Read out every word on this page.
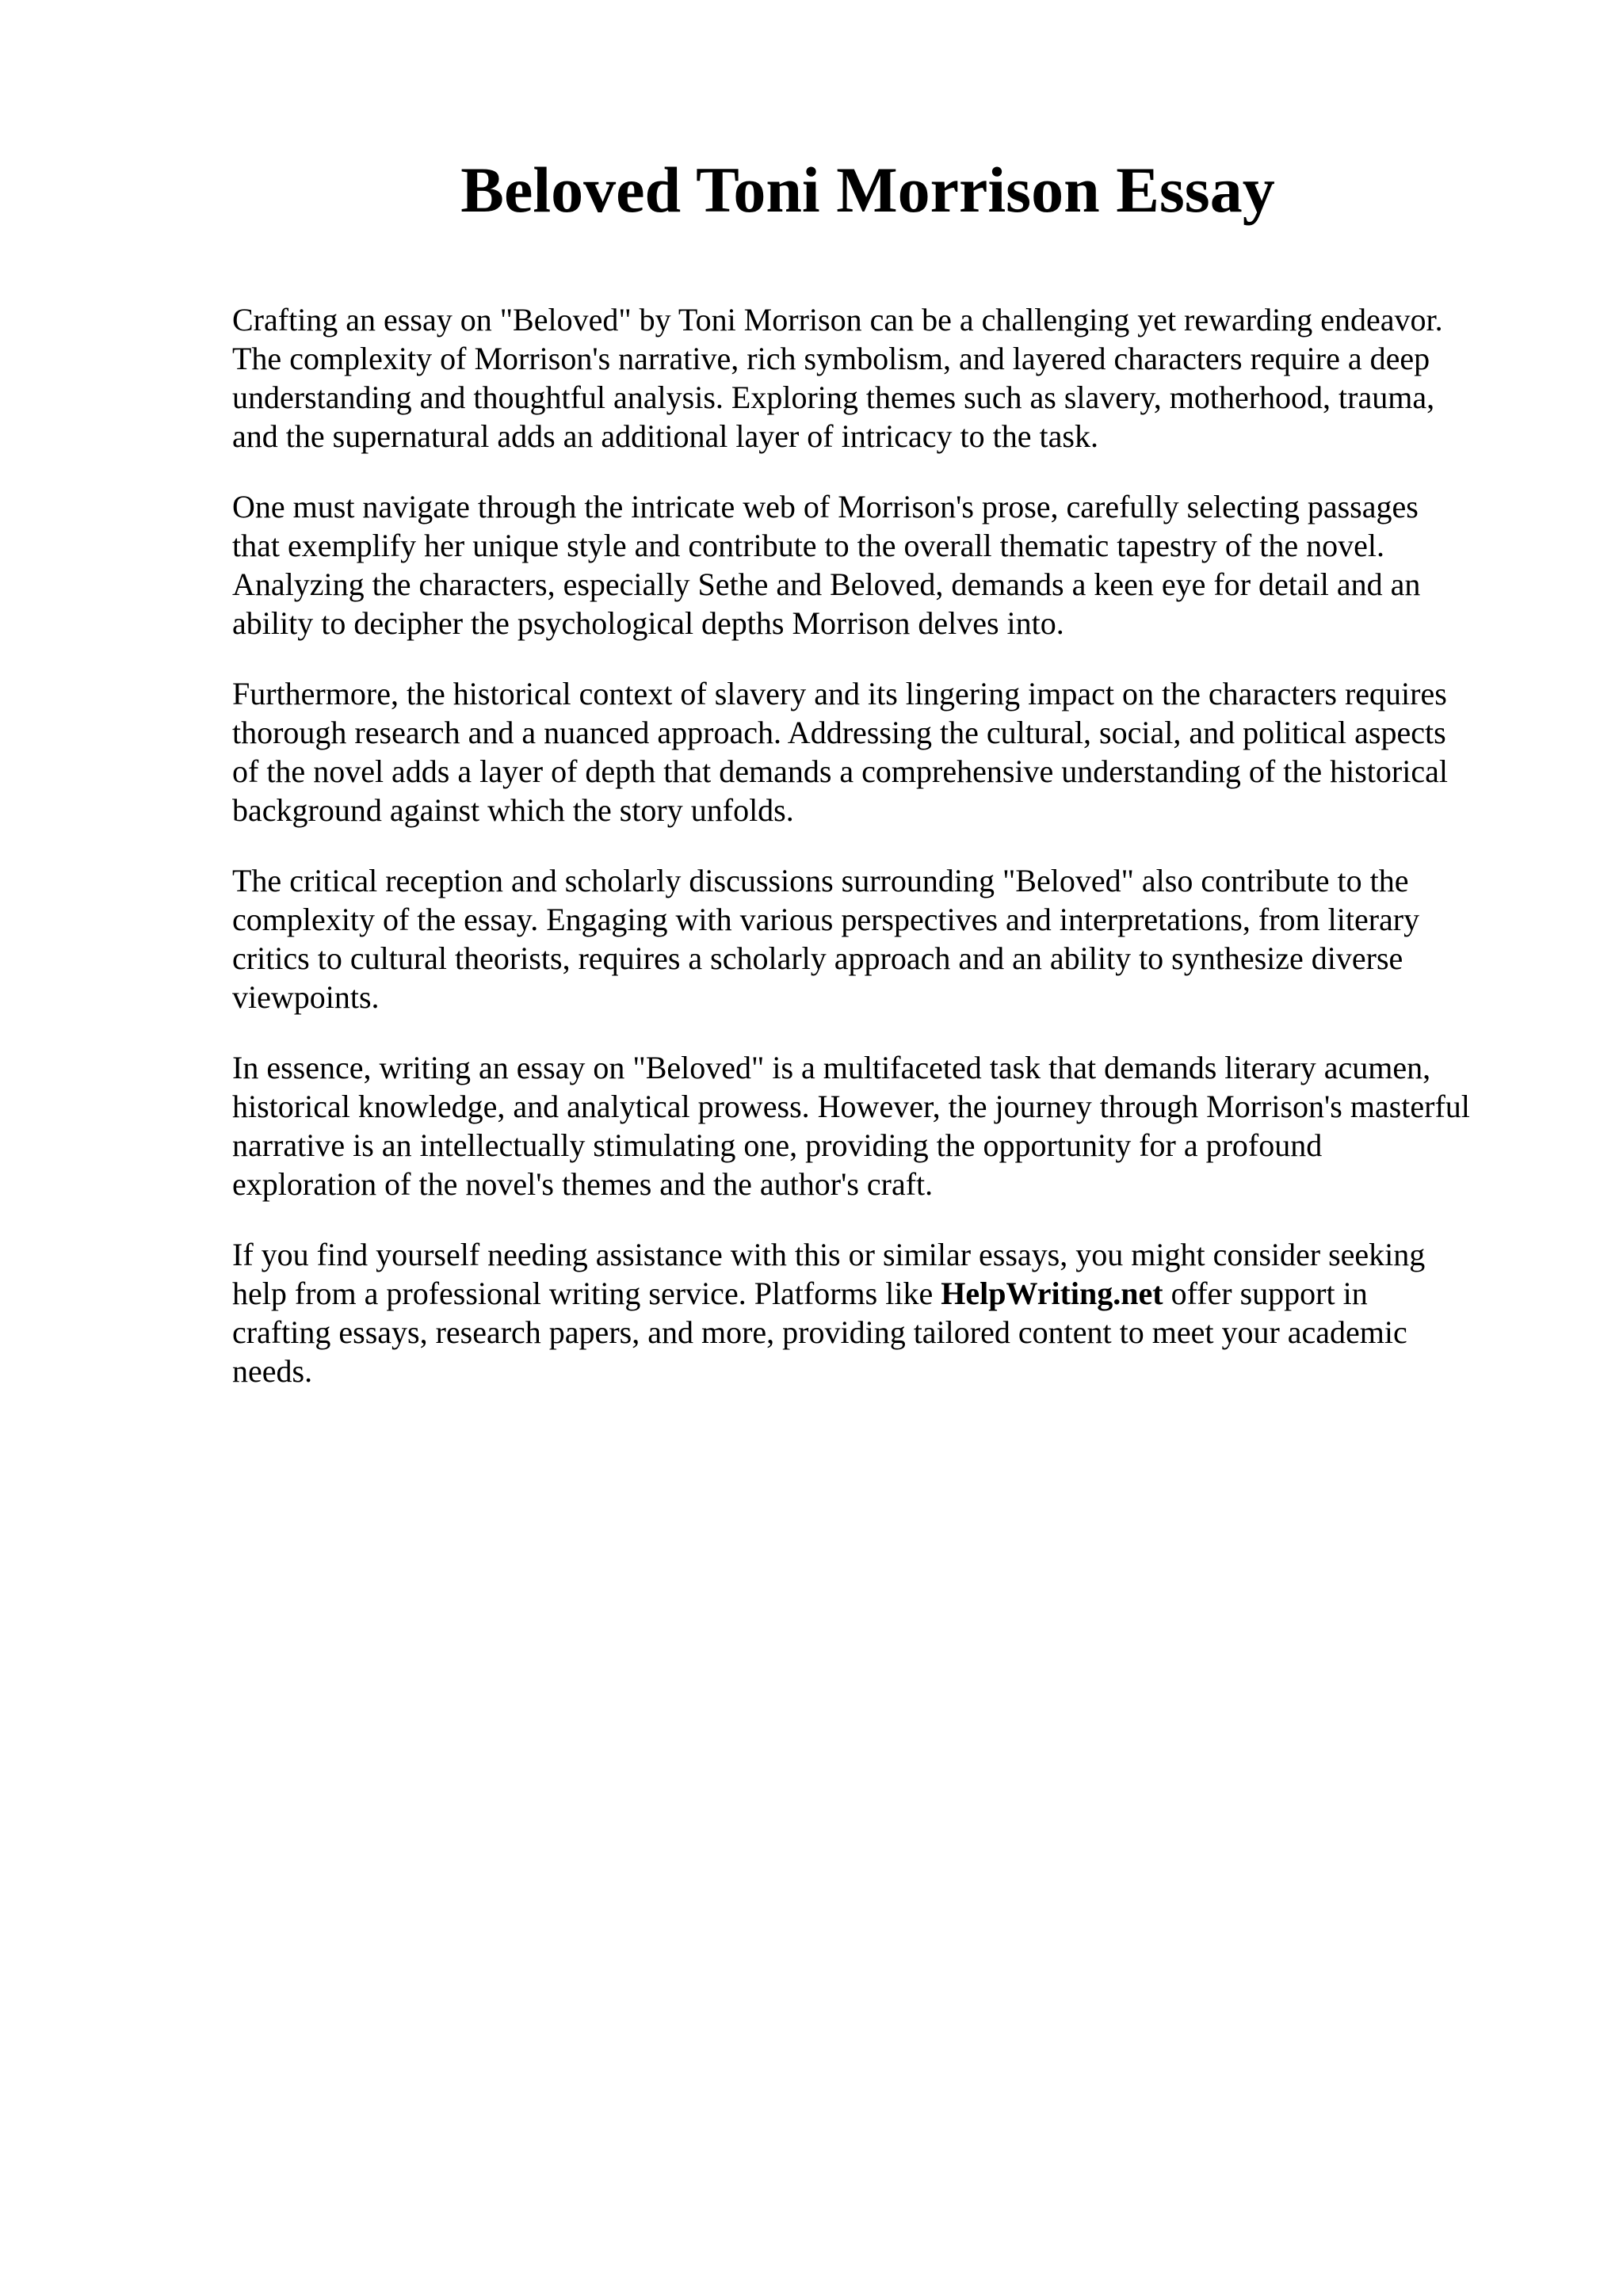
Beloved Toni Morrison Essay

Crafting an essay on "Beloved" by Toni Morrison can be a challenging yet rewarding endeavor.
The complexity of Morrison's narrative, rich symbolism, and layered characters require a deep
understanding and thoughtful analysis. Exploring themes such as slavery, motherhood, trauma,
and the supernatural adds an additional layer of intricacy to the task.

One must navigate through the intricate web of Morrison's prose, carefully selecting passages
that exemplify her unique style and contribute to the overall thematic tapestry of the novel.
Analyzing the characters, especially Sethe and Beloved, demands a keen eye for detail and an
ability to decipher the psychological depths Morrison delves into.

Furthermore, the historical context of slavery and its lingering impact on the characters requires
thorough research and a nuanced approach. Addressing the cultural, social, and political aspects
of the novel adds a layer of depth that demands a comprehensive understanding of the historical
background against which the story unfolds.

The critical reception and scholarly discussions surrounding "Beloved" also contribute to the
complexity of the essay. Engaging with various perspectives and interpretations, from literary
critics to cultural theorists, requires a scholarly approach and an ability to synthesize diverse
viewpoints.

In essence, writing an essay on "Beloved" is a multifaceted task that demands literary acumen,
historical knowledge, and analytical prowess. However, the journey through Morrison's masterful
narrative is an intellectually stimulating one, providing the opportunity for a profound
exploration of the novel's themes and the author's craft.

If you find yourself needing assistance with this or similar essays, you might consider seeking
help from a professional writing service. Platforms like HelpWriting.net offer support in
crafting essays, research papers, and more, providing tailored content to meet your academic
needs.
